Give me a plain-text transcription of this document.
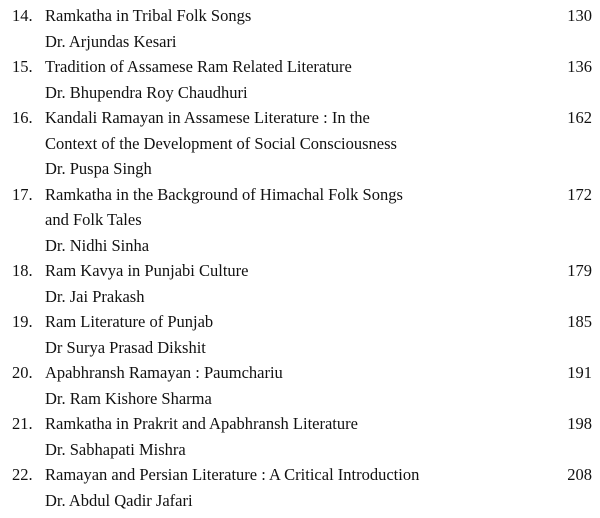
14. Ramkatha in Tribal Folk Songs	130
Dr. Arjundas Kesari
15. Tradition of Assamese Ram Related Literature	136
Dr. Bhupendra Roy Chaudhuri
16. Kandali Ramayan in Assamese Literature : In the	162
Context of the Development of Social Consciousness
Dr. Puspa Singh
17. Ramkatha in the Background of Himachal Folk Songs	172
and Folk Tales
Dr. Nidhi Sinha
18. Ram Kavya in Punjabi Culture	179
Dr. Jai Prakash
19. Ram Literature of Punjab	185
Dr Surya Prasad Dikshit
20. Apabhransh Ramayan : Paumchariu	191
Dr. Ram Kishore Sharma
21. Ramkatha in Prakrit and Apabhransh Literature	198
Dr. Sabhapati Mishra
22. Ramayan and Persian Literature : A Critical Introduction	208
Dr. Abdul Qadir Jafari
